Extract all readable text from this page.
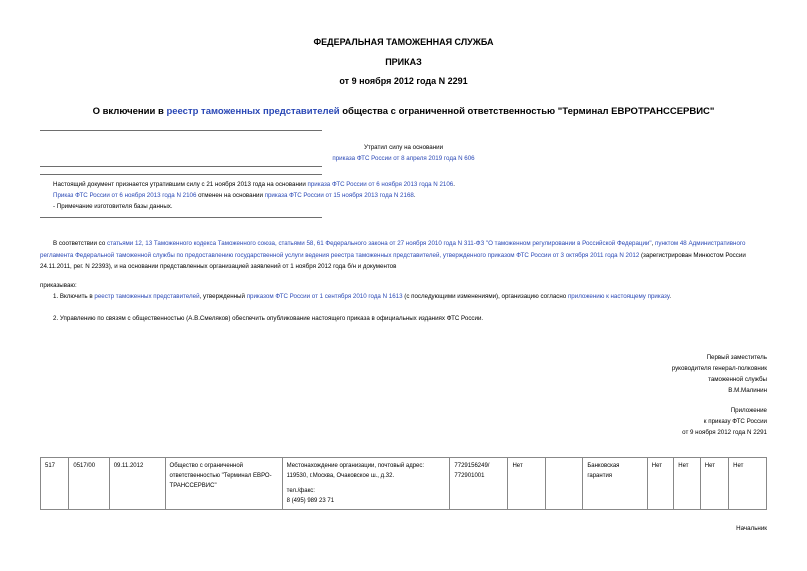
ФЕДЕРАЛЬНАЯ ТАМОЖЕННАЯ СЛУЖБА
ПРИКАЗ
от 9 ноября 2012 года N 2291
О включении в реестр таможенных представителей общества с ограниченной ответственностью "Терминал ЕВРОТРАНССЕРВИС"
Утратил силу на основании
приказа ФТС России от 8 апреля 2019 года N 606
Настоящий документ признается утратившим силу с 21 ноября 2013 года на основании приказа ФТС России от 6 ноября 2013 года N 2106.
Приказ ФТС России от 6 ноября 2013 года N 2106 отменен на основании приказа ФТС России от 15 ноября 2013 года N 2168.
- Примечание изготовителя базы данных.
В соответствии со статьями 12, 13 Таможенного кодекса Таможенного союза, статьями 58, 61 Федерального закона от 27 ноября 2010 года N 311-ФЗ "О таможенном регулировании в Российской Федерации", пунктом 48 Административного регламента Федеральной таможенной службы по предоставлению государственной услуги ведения реестра таможенных представителей, утвержденного приказом ФТС России от 3 октября 2011 года N 2012 (зарегистрирован Минюстом России 24.11.2011, рег. N 22393), и на основании представленных организацией заявлений от 1 ноября 2012 года б/н и документов
приказываю:
1. Включить в реестр таможенных представителей, утвержденный приказом ФТС России от 1 сентября 2010 года N 1613 (с последующими изменениями), организацию согласно приложению к настоящему приказу.
2. Управлению по связям с общественностью (А.В.Смеляков) обеспечить опубликование настоящего приказа в официальных изданиях ФТС России.
Первый заместитель
руководителя генерал-полковник
таможенной службы
В.М.Малинин
Приложение
к приказу ФТС России
от 9 ноября 2012 года N 2291
517	0517/00	09.11.2012	Общество с ограниченной ответственностью "Терминал ЕВРО-ТРАНССЕРВИС"	
Местонахождение организации, почтовый адрес:
119530, г.Москва, Очаковское ш., д.32.
тел./факс:
8 (495) 989 23 71
	7729156249/ 772901001	Нет		Банковская гарантия	Нет	Нет	Нет	Нет
Начальник
